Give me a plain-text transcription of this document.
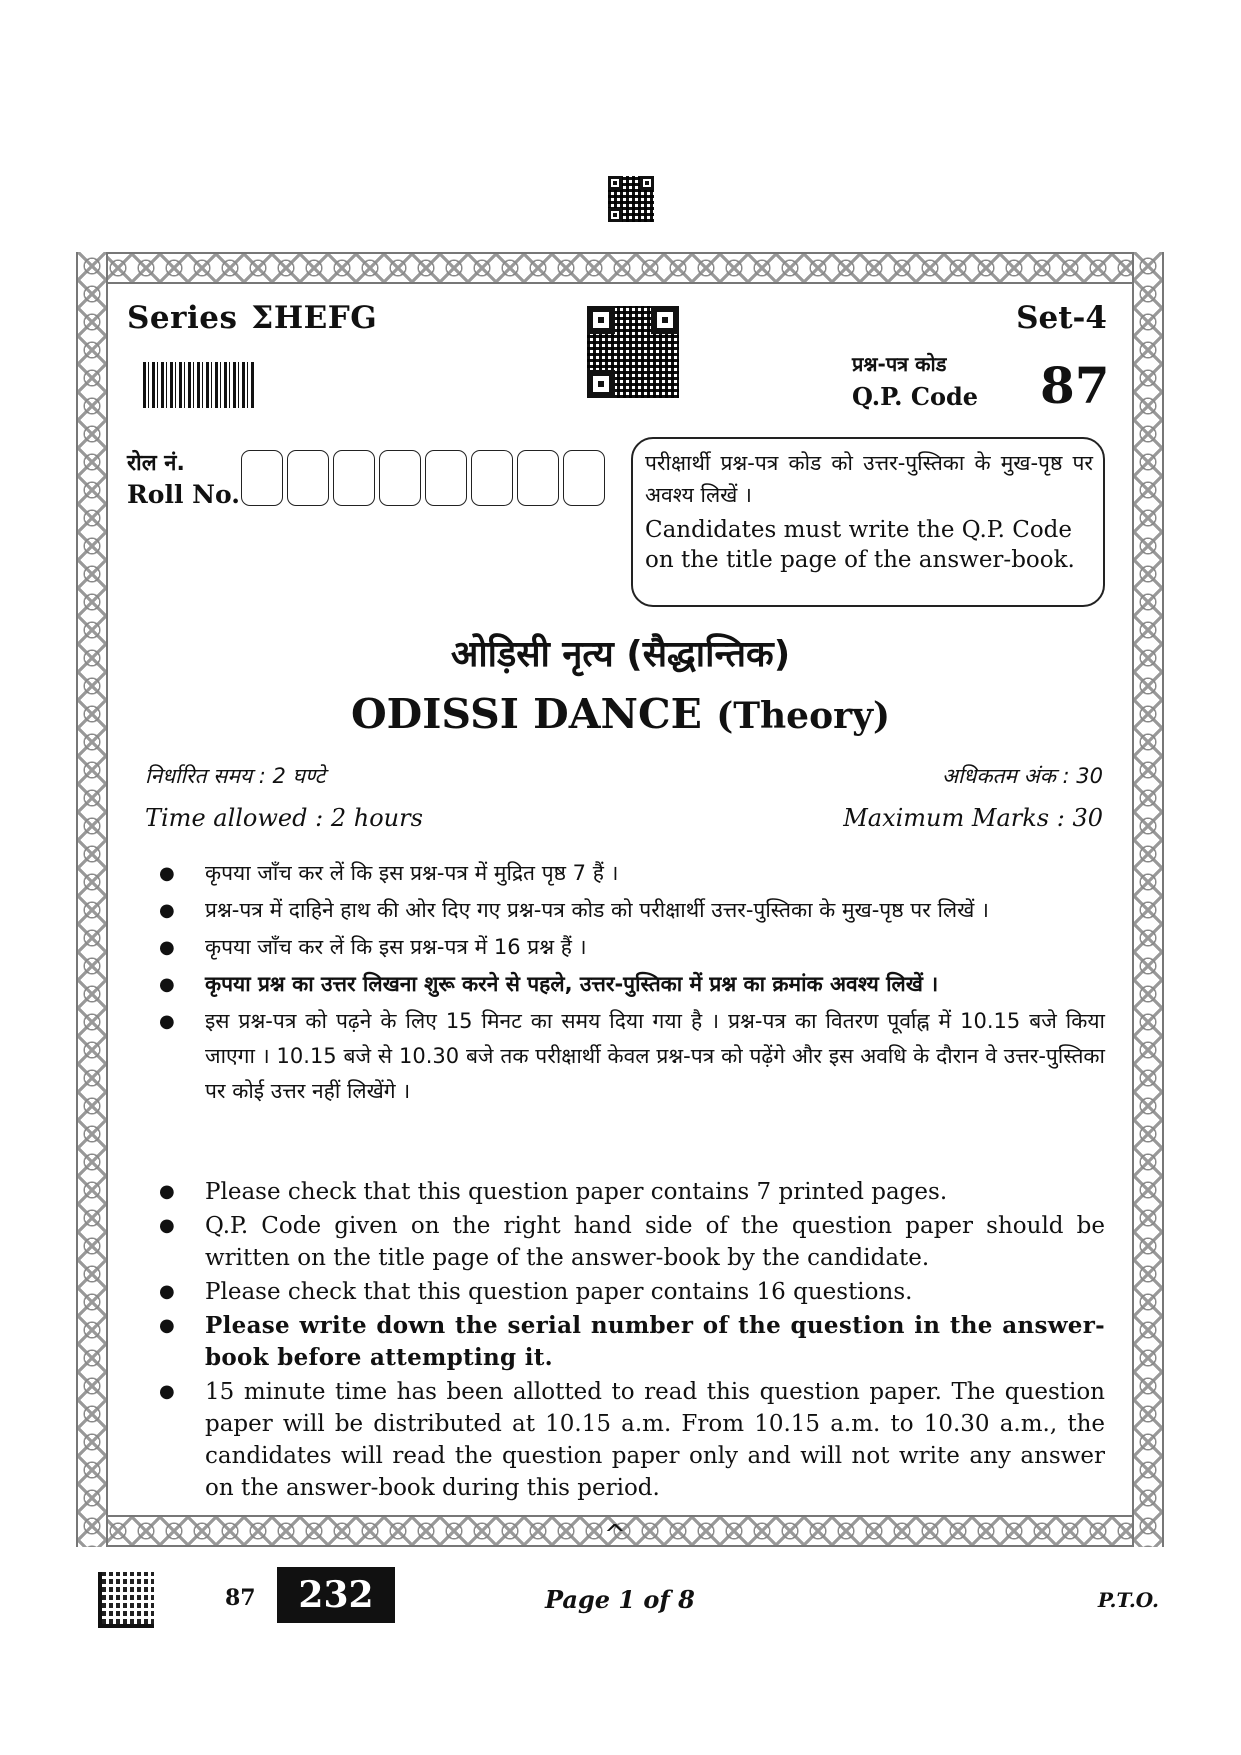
Series ΣHEFG	Set-4
प्रश्न-पत्र कोड
Q.P. Code 87
रोल नं.
Roll No.
परीक्षार्थी प्रश्न-पत्र कोड को उत्तर-पुस्तिका के मुख-पृष्ठ पर अवश्य लिखें ।
Candidates must write the Q.P. Code on the title page of the answer-book.
ओड़िसी नृत्य (सैद्धान्तिक)
ODISSI DANCE (Theory)
निर्धारित समय : 2 घण्टे
Time allowed : 2 hours
अधिकतम अंक : 30
Maximum Marks : 30
●	कृपया जाँच कर लें कि इस प्रश्न-पत्र में मुद्रित पृष्ठ 7 हैं ।
●	प्रश्न-पत्र में दाहिने हाथ की ओर दिए गए प्रश्न-पत्र कोड को परीक्षार्थी उत्तर-पुस्तिका के मुख-पृष्ठ पर लिखें ।
●	कृपया जाँच कर लें कि इस प्रश्न-पत्र में 16 प्रश्न हैं ।
●	कृपया प्रश्न का उत्तर लिखना शुरू करने से पहले, उत्तर-पुस्तिका में प्रश्न का क्रमांक अवश्य लिखें ।
●	इस प्रश्न-पत्र को पढ़ने के लिए 15 मिनट का समय दिया गया है । प्रश्न-पत्र का वितरण पूर्वाह्न में 10.15 बजे किया जाएगा । 10.15 बजे से 10.30 बजे तक परीक्षार्थी केवल प्रश्न-पत्र को पढ़ेंगे और इस अवधि के दौरान वे उत्तर-पुस्तिका पर कोई उत्तर नहीं लिखेंगे ।
●	Please check that this question paper contains 7 printed pages.
●	Q.P. Code given on the right hand side of the question paper should be written on the title page of the answer-book by the candidate.
●	Please check that this question paper contains 16 questions.
●	Please write down the serial number of the question in the answer-book before attempting it.
●	15 minute time has been allotted to read this question paper. The question paper will be distributed at 10.15 a.m. From 10.15 a.m. to 10.30 a.m., the candidates will read the question paper only and will not write any answer on the answer-book during this period.
^
87	232	Page 1 of 8	P.T.O.
